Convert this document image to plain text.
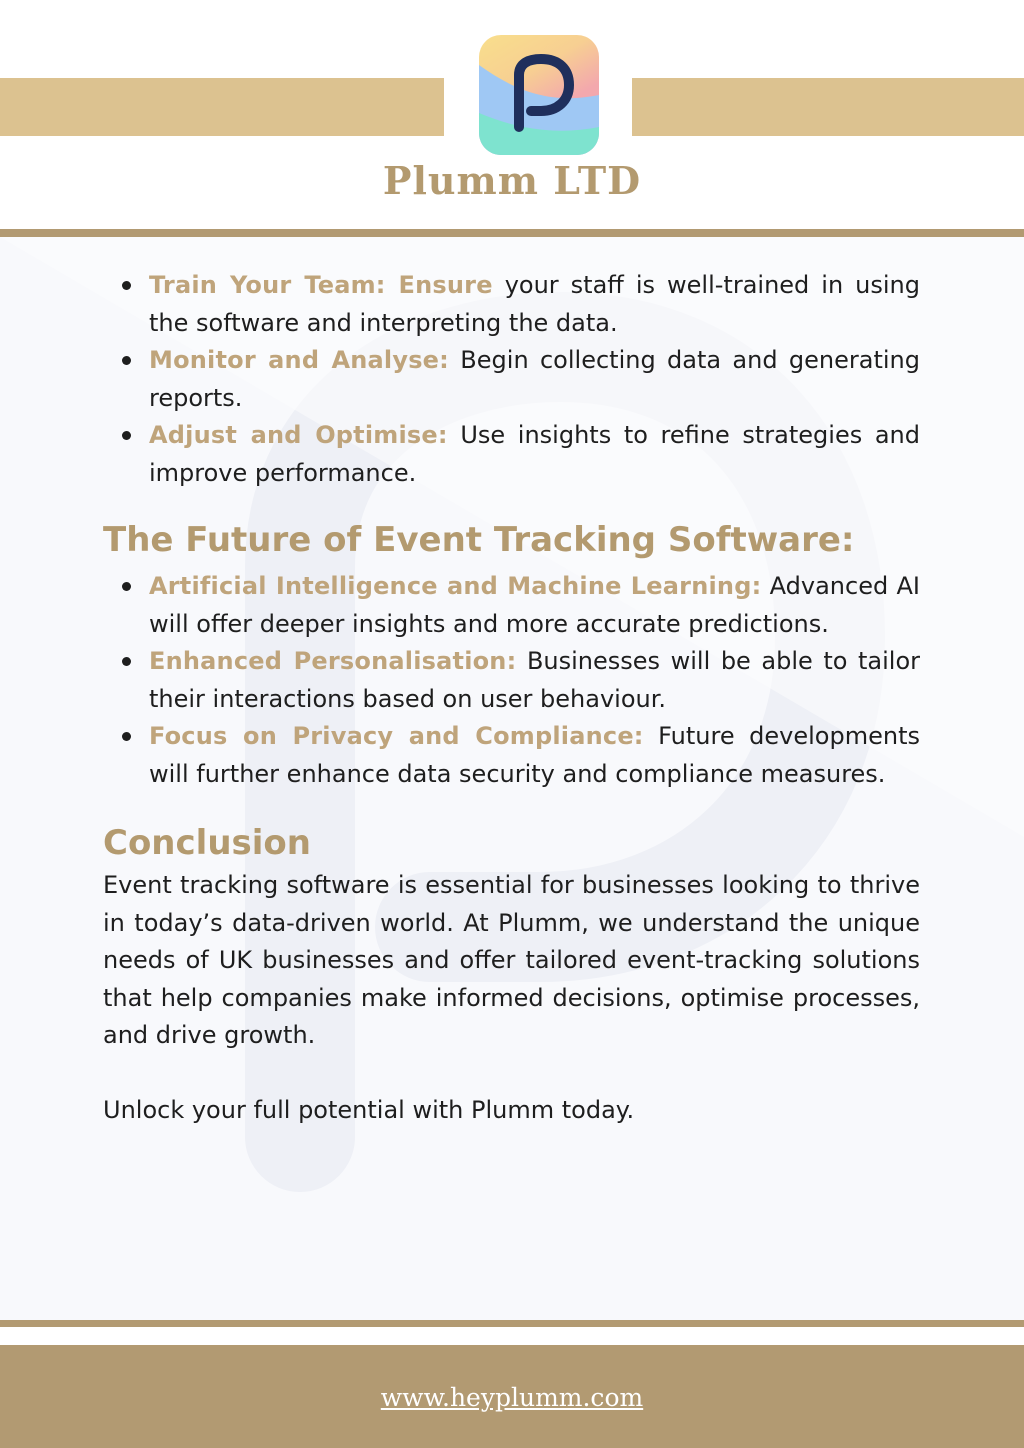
Plumm LTD
Train Your Team: Ensure your staff is well-trained in using the software and interpreting the data.
Monitor and Analyse: Begin collecting data and generating reports.
Adjust and Optimise: Use insights to refine strategies and improve performance.
The Future of Event Tracking Software:
Artificial Intelligence and Machine Learning: Advanced AI will offer deeper insights and more accurate predictions.
Enhanced Personalisation: Businesses will be able to tailor their interactions based on user behaviour.
Focus on Privacy and Compliance: Future developments will further enhance data security and compliance measures.
Conclusion

Event tracking software is essential for businesses looking to thrive in today’s data-driven world. At Plumm, we understand the unique needs of UK businesses and offer tailored event-tracking solutions that help companies make informed decisions, optimise processes, and drive growth.

Unlock your full potential with Plumm today.

www.heyplumm.com
